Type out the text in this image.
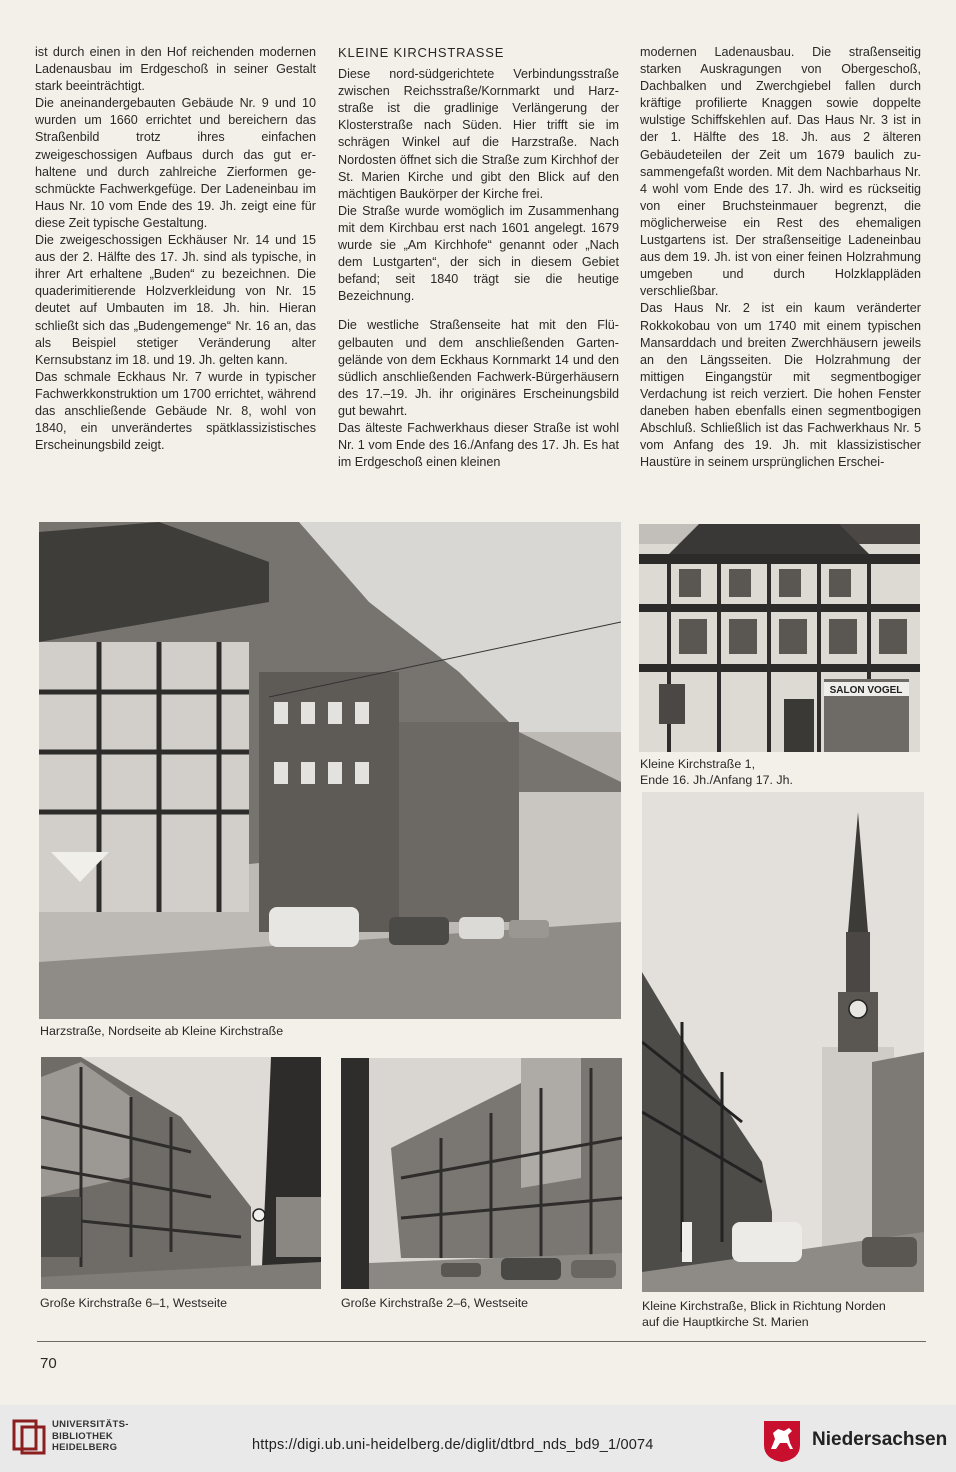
ist durch einen in den Hof reichenden modernen Ladenausbau im Erdgeschoß in seiner Gestalt stark beeinträchtigt.

Die aneinandergebauten Gebäude Nr. 9 und 10 wurden um 1660 errichtet und bereichern das Straßenbild trotz ihres einfachen zweigeschossigen Aufbaus durch das gut erhaltene und durch zahlreiche Zierformen geschmückte Fachwerkgefüge. Der Ladeneinbau im Haus Nr. 10 vom Ende des 19. Jh. zeigt eine für diese Zeit typische Gestaltung.

Die zweigeschossigen Eckhäuser Nr. 14 und 15 aus der 2. Hälfte des 17. Jh. sind als typische, in ihrer Art erhaltene „Buden“ zu bezeichnen. Die quaderimitierende Holzverkleidung von Nr. 15 deutet auf Umbauten im 18. Jh. hin. Hieran schließt sich das „Budengemenge“ Nr. 16 an, das als Beispiel stetiger Veränderung alter Kernsubstanz im 18. und 19. Jh. gelten kann.

Das schmale Eckhaus Nr. 7 wurde in typischer Fachwerkkonstruktion um 1700 errichtet, während das anschließende Gebäude Nr. 8, wohl von 1840, ein unverändertes spätklassizistisches Erscheinungsbild zeigt.

KLEINE KIRCHSTRASSE

Diese nord-südgerichtete Verbindungsstraße zwischen Reichsstraße/Kornmarkt und Harzstraße ist die gradlinige Verlängerung der Klosterstraße nach Süden. Hier trifft sie im schrägen Winkel auf die Harzstraße. Nach Nordosten öffnet sich die Straße zum Kirchhof der St. Marien Kirche und gibt den Blick auf den mächtigen Baukörper der Kirche frei.

Die Straße wurde womöglich im Zusammenhang mit dem Kirchbau erst nach 1601 angelegt. 1679 wurde sie „Am Kirchhofe“ genannt oder „Nach dem Lustgarten“, der sich in diesem Gebiet befand; seit 1840 trägt sie die heutige Bezeichnung.

Die westliche Straßenseite hat mit den Flügelbauten und dem anschließenden Gartengelände von dem Eckhaus Kornmarkt 14 und den südlich anschließenden Fachwerk-Bürgerhäusern des 17.–19. Jh. ihr originäres Erscheinungsbild gut bewahrt.

Das älteste Fachwerkhaus dieser Straße ist wohl Nr. 1 vom Ende des 16./Anfang des 17. Jh. Es hat im Erdgeschoß einen kleinen

modernen Ladenausbau. Die straßenseitig starken Auskragungen von Obergeschoß, Dachbalken und Zwerchgiebel fallen durch kräftige profilierte Knaggen sowie doppelte wulstige Schiffskehlen auf. Das Haus Nr. 3 ist in der 1. Hälfte des 18. Jh. aus 2 älteren Gebäudeteilen der Zeit um 1679 baulich zusammengefaßt worden. Mit dem Nachbarhaus Nr. 4 wohl vom Ende des 17. Jh. wird es rückseitig von einer Bruchsteinmauer begrenzt, die möglicherweise ein Rest des ehemaligen Lustgartens ist. Der straßenseitige Ladeneinbau aus dem 19. Jh. ist von einer feinen Holzrahmung umgeben und durch Holzklappläden verschließbar.

Das Haus Nr. 2 ist ein kaum veränderter Rokkokobau von um 1740 mit einem typischen Mansarddach und breiten Zwerchhäusern jeweils an den Längsseiten. Die Holzrahmung der mittigen Eingangstür mit segmentbogiger Verdachung ist reich verziert. Die hohen Fenster daneben haben ebenfalls einen segmentbogigen Abschluß. Schließlich ist das Fachwerkhaus Nr. 5 vom Anfang des 19. Jh. mit klassizistischer Haustüre in seinem ursprünglichen Erschei-

Harzstraße, Nordseite ab Kleine Kirchstraße
SALON VOGEL
Kleine Kirchstraße 1,
Ende 16. Jh./Anfang 17. Jh.
Große Kirchstraße 6–1, Westseite	Große Kirchstraße 2–6, Westseite	Kleine Kirchstraße, Blick in Richtung Norden
auf die Hauptkirche St. Marien
70
UNIVERSITÄTS-
BIBLIOTHEK
HEIDELBERG	https://digi.ub.uni-heidelberg.de/diglit/dtbrd_nds_bd9_1/0074	Niedersachsen
